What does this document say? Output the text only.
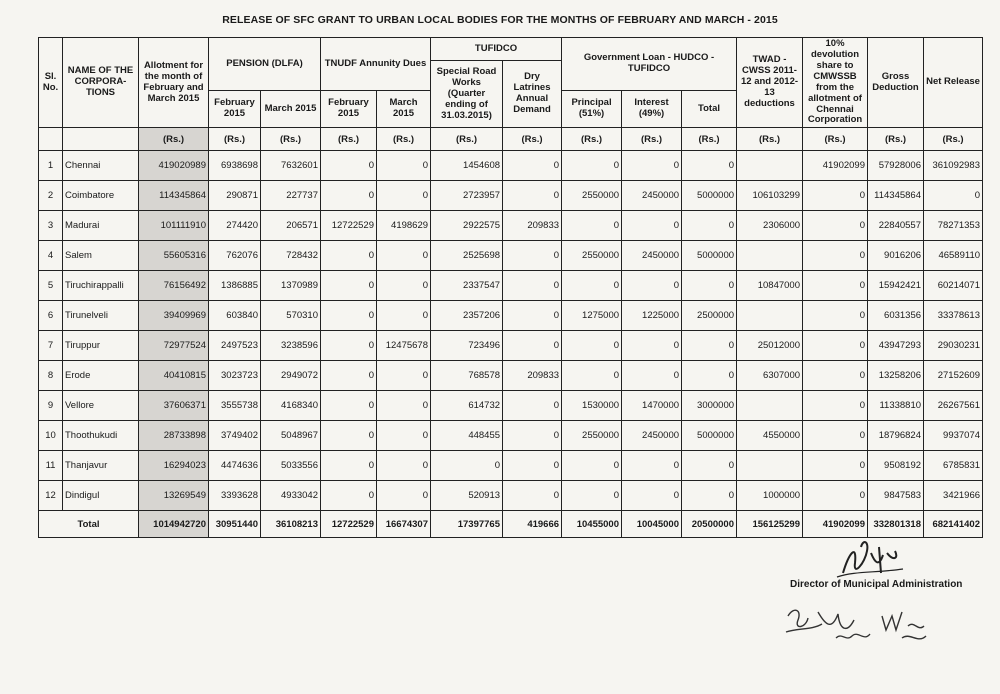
RELEASE OF SFC GRANT TO URBAN LOCAL BODIES FOR THE MONTHS OF FEBRUARY AND MARCH - 2015
Sl. No.	NAME OF THE CORPORA- TIONS	Allotment for the month of February and March 2015	PENSION (DLFA)		TNUDF Annunity Dues		TUFIDCO		Government Loan - HUDCO - TUFIDCO			TWAD - CWSS 2011-12 and 2012-13 deductions	10% devolution share to CMWSSB from the allotment of Chennai Corporation	Gross Deduction	Net Release
							Special Road Works (Quarter ending of 31.03.2015)	Dry Latrines Annual Demand							
			February 2015	March 2015	February 2015	March 2015			Principal (51%)	Interest (49%)	Total				
		(Rs.)	(Rs.)	(Rs.)	(Rs.)	(Rs.)	(Rs.)	(Rs.)	(Rs.)	(Rs.)	(Rs.)	(Rs.)	(Rs.)	(Rs.)	(Rs.)
1	Chennai	419020989	6938698	7632601	0	0	1454608	0	0	0	0		41902099	57928006	361092983
2	Coimbatore	114345864	290871	227737	0	0	2723957	0	2550000	2450000	5000000	106103299	0	114345864	0
3	Madurai	101111910	274420	206571	12722529	4198629	2922575	209833	0	0	0	2306000	0	22840557	78271353
4	Salem	55605316	762076	728432	0	0	2525698	0	2550000	2450000	5000000		0	9016206	46589110
5	Tiruchirappalli	76156492	1386885	1370989	0	0	2337547	0	0	0	0	10847000	0	15942421	60214071
6	Tirunelveli	39409969	603840	570310	0	0	2357206	0	1275000	1225000	2500000		0	6031356	33378613
7	Tiruppur	72977524	2497523	3238596	0	12475678	723496	0	0	0	0	25012000	0	43947293	29030231
8	Erode	40410815	3023723	2949072	0	0	768578	209833	0	0	0	6307000	0	13258206	27152609
9	Vellore	37606371	3555738	4168340	0	0	614732	0	1530000	1470000	3000000		0	11338810	26267561
10	Thoothukudi	28733898	3749402	5048967	0	0	448455	0	2550000	2450000	5000000	4550000	0	18796824	9937074
11	Thanjavur	16294023	4474636	5033556	0	0	0	0	0	0	0		0	9508192	6785831
12	Dindigul	13269549	3393628	4933042	0	0	520913	0	0	0	0	1000000	0	9847583	3421966
Total		1014942720	30951440	36108213	12722529	16674307	17397765	419666	10455000	10045000	20500000	156125299	41902099	332801318	682141402
Director of Municipal Administration
